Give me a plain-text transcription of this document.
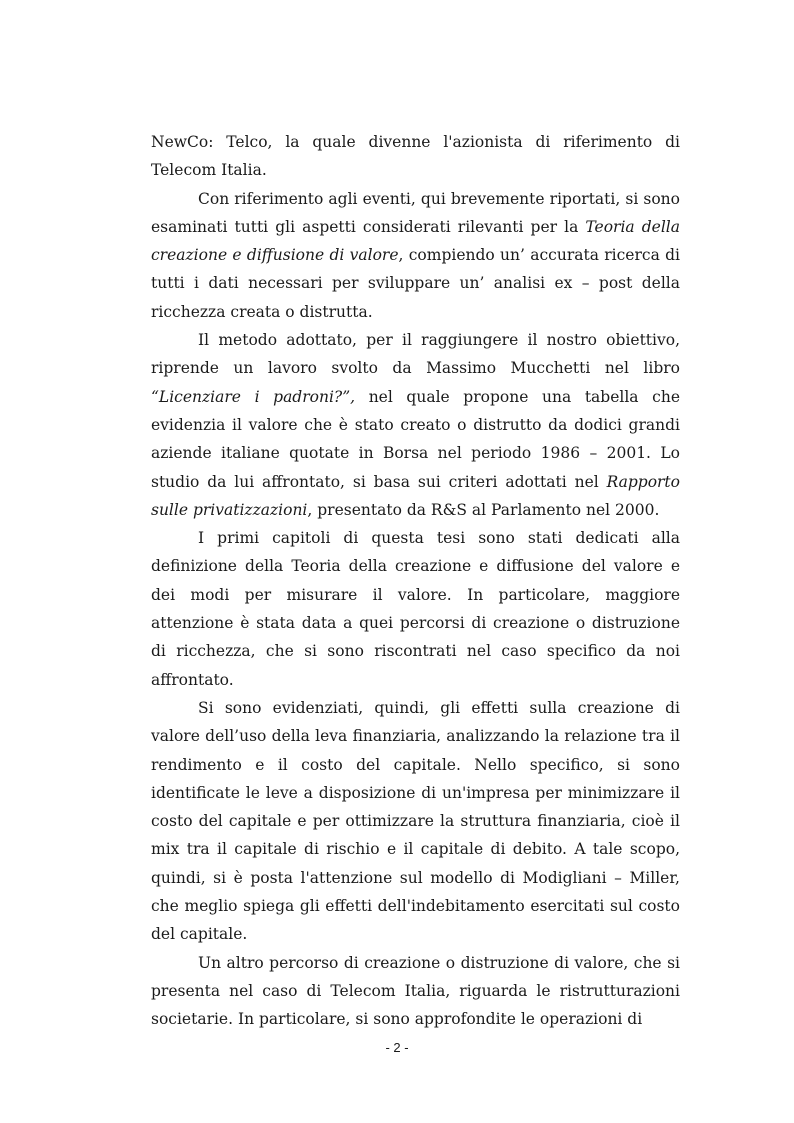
NewCo: Telco, la quale divenne l'azionista di riferimento di Telecom Italia.

Con riferimento agli eventi, qui brevemente riportati, si sono esaminati tutti gli aspetti considerati rilevanti per la Teoria della creazione e diffusione di valore, compiendo un’ accurata ricerca di tutti i dati necessari per sviluppare un’ analisi ex – post della ricchezza creata o distrutta.

Il metodo adottato, per il raggiungere il nostro obiettivo, riprende un lavoro svolto da Massimo Mucchetti nel libro “Licenziare i padroni?”, nel quale propone una tabella che evidenzia il valore che è stato creato o distrutto da dodici grandi aziende italiane quotate in Borsa nel periodo 1986 – 2001. Lo studio da lui affrontato, si basa sui criteri adottati nel Rapporto sulle privatizzazioni, presentato da R&S al Parlamento nel 2000.

I primi capitoli di questa tesi sono stati dedicati alla definizione della Teoria della creazione e diffusione del valore e dei modi per misurare il valore. In particolare, maggiore attenzione è stata data a quei percorsi di creazione o distruzione di ricchezza, che si sono riscontrati nel caso specifico da noi affrontato.

Si sono evidenziati, quindi, gli effetti sulla creazione di valore dell’uso della leva finanziaria, analizzando la relazione tra il rendimento e il costo del capitale. Nello specifico, si sono identificate le leve a disposizione di un'impresa per minimizzare il costo del capitale e per ottimizzare la struttura finanziaria, cioè il mix tra il capitale di rischio e il capitale di debito. A tale scopo, quindi, si è posta l'attenzione sul modello di Modigliani – Miller, che meglio spiega gli effetti dell'indebitamento esercitati sul costo del capitale.

Un altro percorso di creazione o distruzione di valore, che si presenta nel caso di Telecom Italia, riguarda le ristrutturazioni societarie. In particolare, si sono approfondite le operazioni di

- 2 -
